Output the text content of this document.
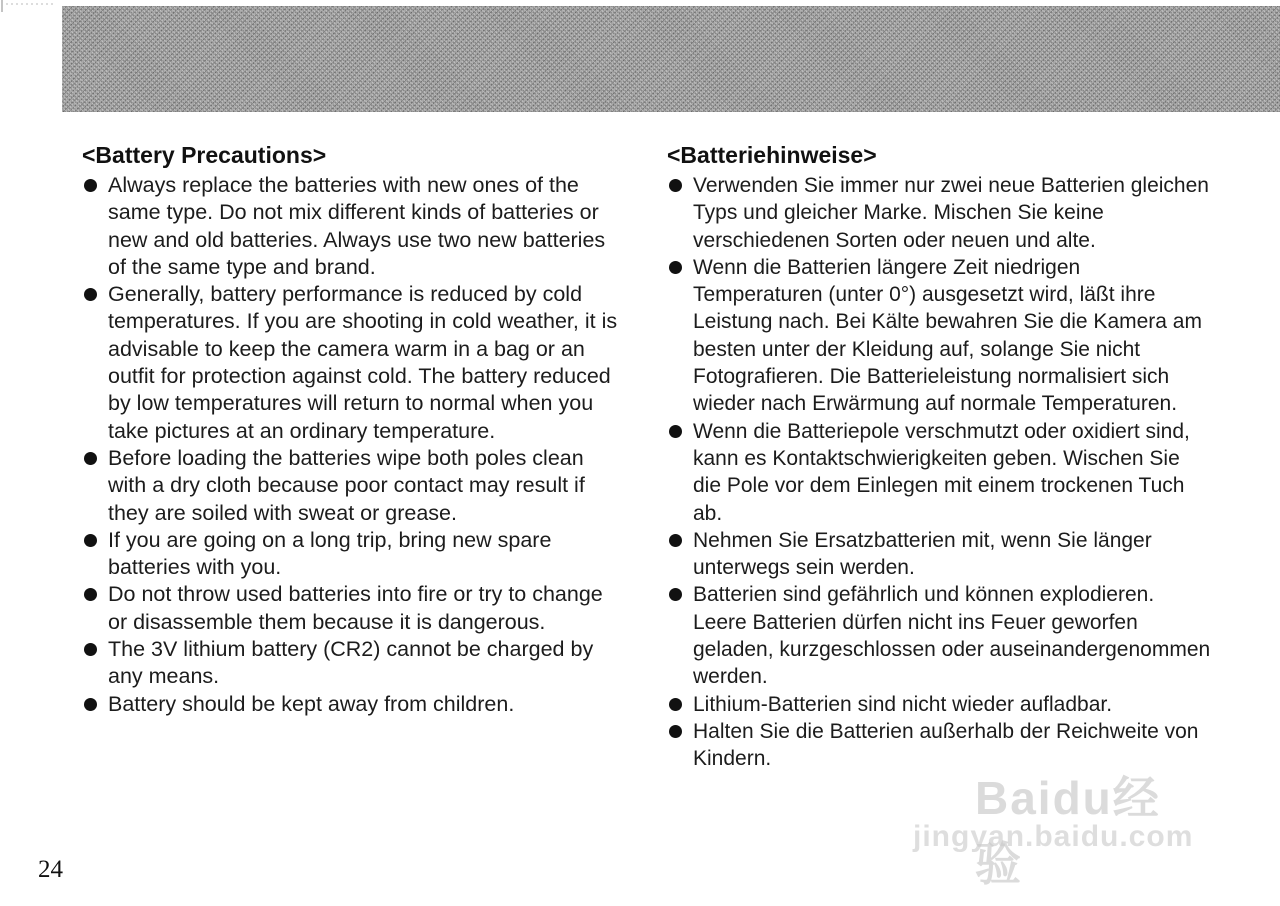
<Battery Precautions>
Always replace the batteries with new ones of the same type. Do not mix different kinds of batteries or new and old batteries. Always use two new batteries of the same type and brand.
Generally, battery performance is reduced by cold temperatures. If you are shooting in cold weather, it is advisable to keep the camera warm in a bag or an outfit for protection against cold. The battery reduced by low temperatures will return to normal when you take pictures at an ordinary temperature.
Before loading the batteries wipe both poles clean with a dry cloth because poor contact may result if they are soiled with sweat or grease.
If you are going on a long trip, bring new spare batteries with you.
Do not throw used batteries into fire or try to change or disassemble them because it is dangerous.
The 3V lithium battery (CR2) cannot be charged by any means.
Battery should be kept away from children.
<Batteriehinweise>
Verwenden Sie immer nur zwei neue Batterien gleichen Typs und gleicher Marke. Mischen Sie keine verschiedenen Sorten oder neuen und alte.
Wenn die Batterien längere Zeit niedrigen Temperaturen (unter 0°) ausgesetzt wird, läßt ihre Leistung nach. Bei Kälte bewahren Sie die Kamera am besten unter der Kleidung auf, solange Sie nicht Fotografieren. Die Batterieleistung normalisiert sich wieder nach Erwärmung auf normale Temperaturen.
Wenn die Batteriepole verschmutzt oder oxidiert sind, kann es Kontaktschwierigkeiten geben. Wischen Sie die Pole vor dem Einlegen mit einem trockenen Tuch ab.
Nehmen Sie Ersatzbatterien mit, wenn Sie länger unterwegs sein werden.
Batterien sind gefährlich und können explodieren. Leere Batterien dürfen nicht ins Feuer geworfen geladen, kurzgeschlossen oder auseinandergenommen werden.
Lithium-Batterien sind nicht wieder aufladbar.
Halten Sie die Batterien außerhalb der Reichweite von Kindern.
24
Baidu经验
jingyan.baidu.com
